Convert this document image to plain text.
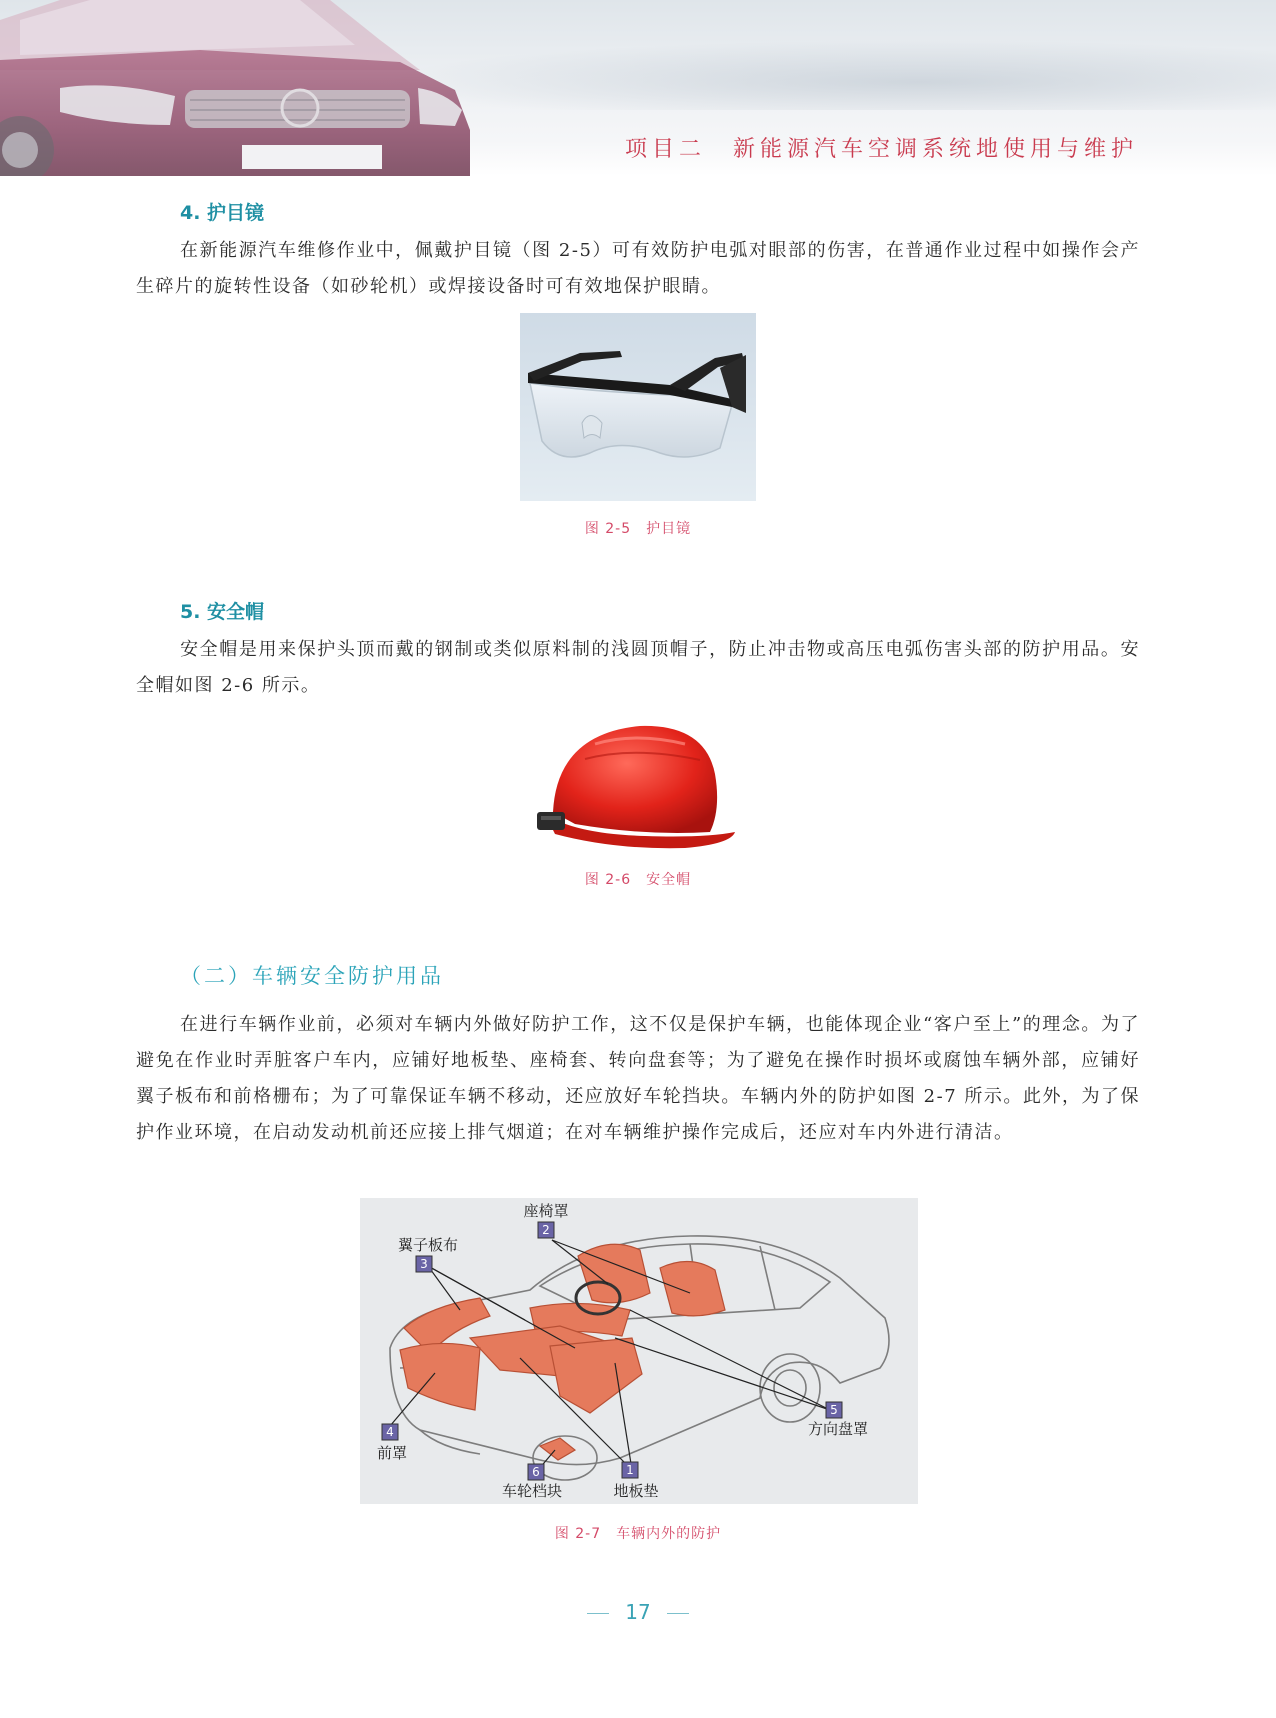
项目二　新能源汽车空调系统地使用与维护
4. 护目镜
在新能源汽车维修作业中，佩戴护目镜（图 2-5）可有效防护电弧对眼部的伤害，在普通作业过程中如操作会产生碎片的旋转性设备（如砂轮机）或焊接设备时可有效地保护眼睛。
图 2-5　护目镜
5. 安全帽
安全帽是用来保护头顶而戴的钢制或类似原料制的浅圆顶帽子，防止冲击物或高压电弧伤害头部的防护用品。安全帽如图 2-6 所示。
图 2-6　安全帽
（二）车辆安全防护用品
在进行车辆作业前，必须对车辆内外做好防护工作，这不仅是保护车辆，也能体现企业“客户至上”的理念。为了避免在作业时弄脏客户车内，应铺好地板垫、座椅套、转向盘套等；为了避免在操作时损坏或腐蚀车辆外部，应铺好翼子板布和前格栅布；为了可靠保证车辆不移动，还应放好车轮挡块。车辆内外的防护如图 2-7 所示。此外，为了保护作业环境，在启动发动机前还应接上排气烟道；在对车辆维护操作完成后，还应对车内外进行清洁。
座椅罩
2
翼子板布
3
5
方向盘罩
4
前罩
6
车轮档块
1
地板垫
图 2-7　车辆内外的防护
17
